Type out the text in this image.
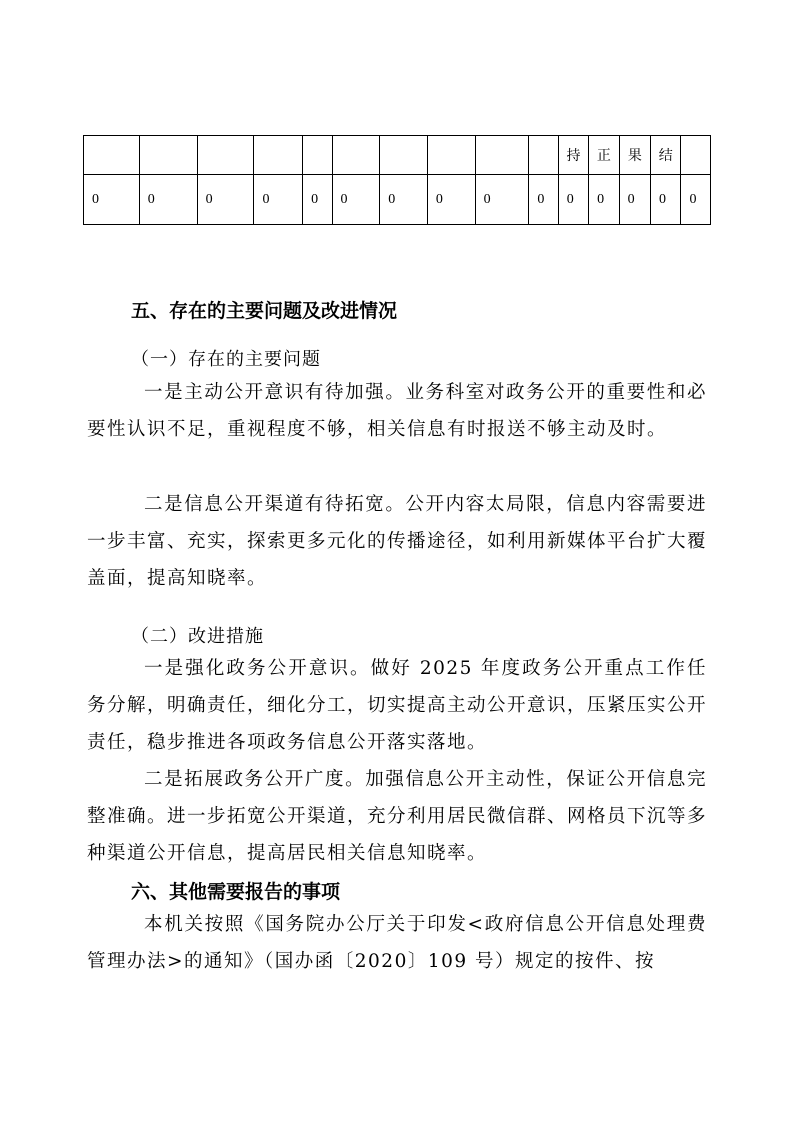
										持	正	果	结	
0	0	0	0	0	0	0	0	0	0	0	0	0	0	0
五、存在的主要问题及改进情况
（一）存在的主要问题

一是主动公开意识有待加强。业务科室对政务公开的重要性和必要性认识不足，重视程度不够，相关信息有时报送不够主动及时。

二是信息公开渠道有待拓宽。公开内容太局限，信息内容需要进一步丰富、充实，探索更多元化的传播途径，如利用新媒体平台扩大覆盖面，提高知晓率。

（二）改进措施

一是强化政务公开意识。做好 2025 年度政务公开重点工作任务分解，明确责任，细化分工，切实提高主动公开意识，压紧压实公开责任，稳步推进各项政务信息公开落实落地。

二是拓展政务公开广度。加强信息公开主动性，保证公开信息完整准确。进一步拓宽公开渠道，充分利用居民微信群、网格员下沉等多种渠道公开信息，提高居民相关信息知晓率。

六、其他需要报告的事项

本机关按照《国务院办公厅关于印发<政府信息公开信息处理费管理办法>的通知》（国办函〔2020〕109 号）规定的按件、按
